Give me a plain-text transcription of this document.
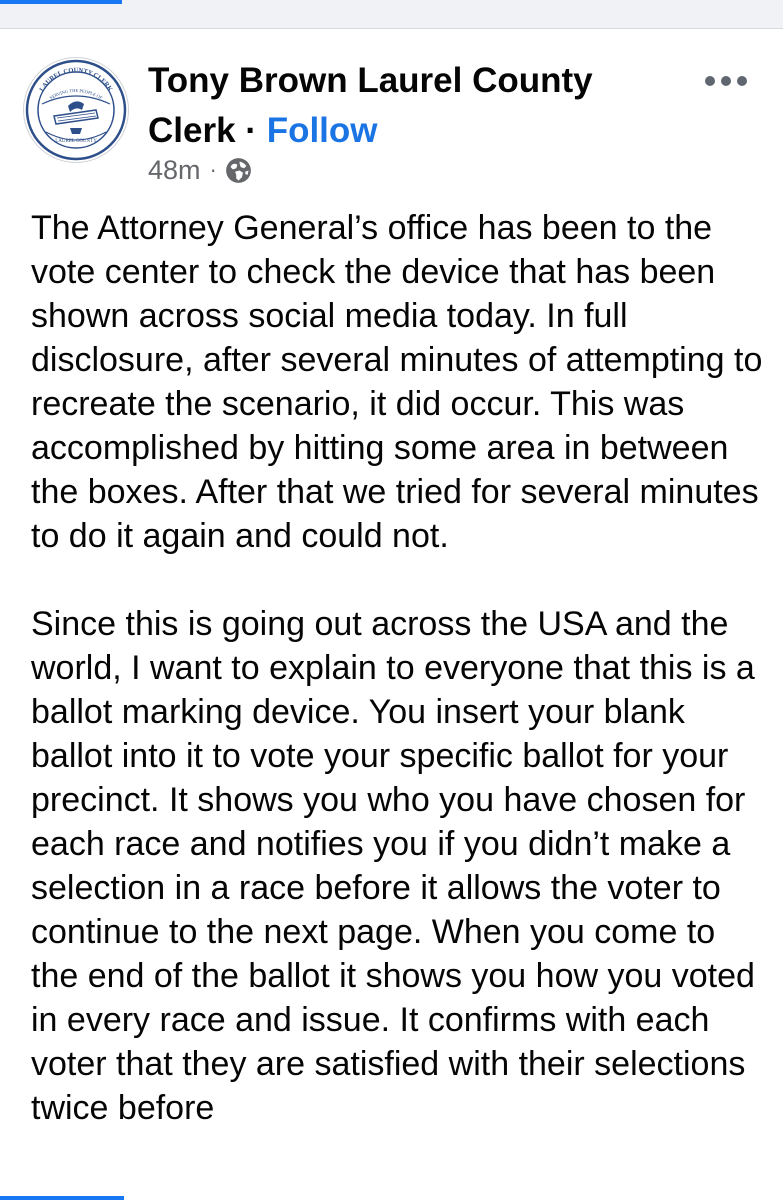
LAUREL COUNTY
LAUREL COUNTY CLERK
SERVING THE PEOPLE OF Tony Brown Laurel County
Clerk · Follow
48m ·

The Attorney General’s office has been to the vote center to check the device that has been shown across social media today. In full disclosure, after several minutes of attempting to recreate the scenario, it did occur. This was accomplished by hitting some area in between the boxes. After that we tried for several minutes to do it again and could not.

Since this is going out across the USA and the world, I want to explain to everyone that this is a ballot marking device. You insert your blank ballot into it to vote your specific ballot for your precinct. It shows you who you have chosen for each race and notifies you if you didn’t make a selection in a race before it allows the voter to continue to the next page. When you come to the end of the ballot it shows you how you voted in every race and issue. It confirms with each voter that they are satisfied with their selections twice before
